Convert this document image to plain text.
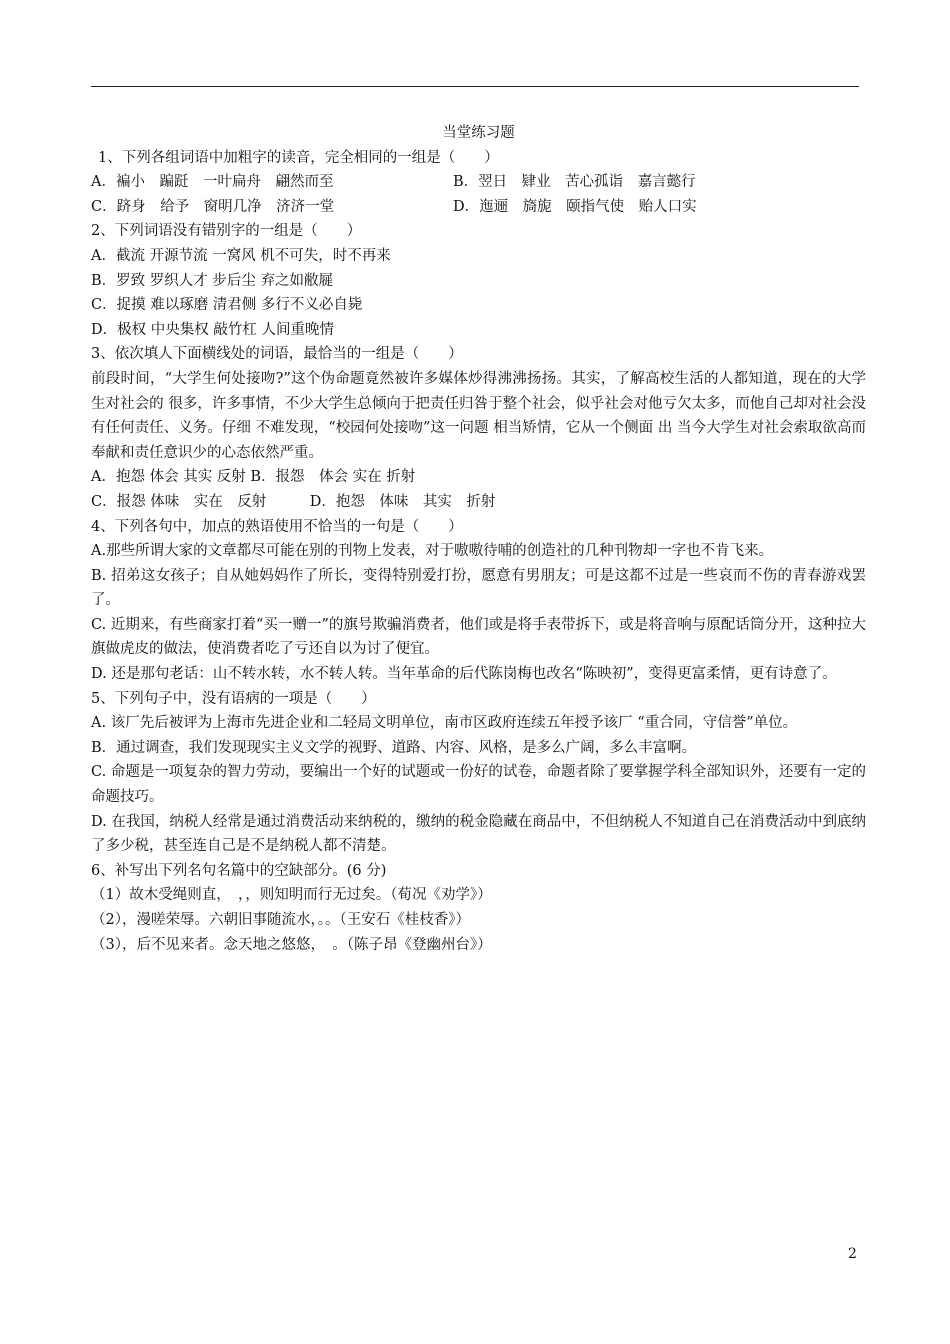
当堂练习题
1、下列各组词语中加粗字的读音，完全相同的一组是（　　）
A．褊小　蹁跹　一叶扁舟　翩然而至	B．翌日　肄业　苦心孤诣　嘉言懿行
C．跻身　给予　窗明几净　济济一堂	D．迤逦　旖旎　颐指气使　贻人口实
2、下列词语没有错别字的一组是（　　）
A．截流 开源节流 一窝风 机不可失，时不再来
B．罗致 罗织人才 步后尘 弃之如敝屣
C．捉摸 难以琢磨 清君侧 多行不义必自毙
D．极权 中央集权 敲竹杠 人间重晚情
3、依次填人下面横线处的词语，最恰当的一组是（　　）
前段时间，“大学生何处接吻?”这个伪命题竟然被许多媒体炒得沸沸扬扬。其实，了解高校生活的人都知道，现在的大学生对社会的 很多，许多事情，不少大学生总倾向于把责任归咎于整个社会，似乎社会对他亏欠太多，而他自己却对社会没有任何责任、义务。仔细 不难发现，“校园何处接吻”这一问题 相当矫情，它从一个侧面 出 当今大学生对社会索取欲高而奉献和责任意识少的心态依然严重。
A．抱怨 体会 其实 反射 B．报怨　体会 实在 折射
C．报怨 体味　实在　反射　　　D．抱怨　体味　其实　折射
4、下列各句中，加点的熟语使用不恰当的一句是（　　）
A.那些所谓大家的文章都尽可能在别的刊物上发表，对于嗷嗷待哺的创造社的几种刊物却一字也不肯飞来。
B. 招弟这女孩子；自从她妈妈作了所长，变得特别爱打扮，愿意有男朋友；可是这都不过是一些哀而不伤的青春游戏罢了。
C. 近期来，有些商家打着“买一赠一”的旗号欺骗消费者，他们或是将手表带拆下，或是将音响与原配话筒分开，这种拉大旗做虎皮的做法，使消费者吃了亏还自以为讨了便宜。
D. 还是那句老话：山不转水转，水不转人转。当年革命的后代陈岗梅也改名“陈映初”，变得更富柔情，更有诗意了。
5、下列句子中，没有语病的一项是（　　）
A. 该厂先后被评为上海市先进企业和二轻局文明单位，南市区政府连续五年授予该厂 “重合同，守信誉”单位。
B．通过调查，我们发现现实主义文学的视野、道路、内容、风格，是多么广阔，多么丰富啊。
C. 命题是一项复杂的智力劳动，要编出一个好的试题或一份好的试卷，命题者除了要掌握学科全部知识外，还要有一定的命题技巧。
D. 在我国，纳税人经常是通过消费活动来纳税的，缴纳的税金隐藏在商品中，不但纳税人不知道自己在消费活动中到底纳了多少税，甚至连自己是不是纳税人都不清楚。
6、补写出下列名句名篇中的空缺部分。(6 分)
（1）故木受绳则直，　，，则知明而行无过矣。（荀况《劝学》）
（2），漫嗟荣辱。六朝旧事随流水，。。（王安石《桂枝香》）
（3），后不见来者。念天地之悠悠，　。（陈子昂《登幽州台》）
2
